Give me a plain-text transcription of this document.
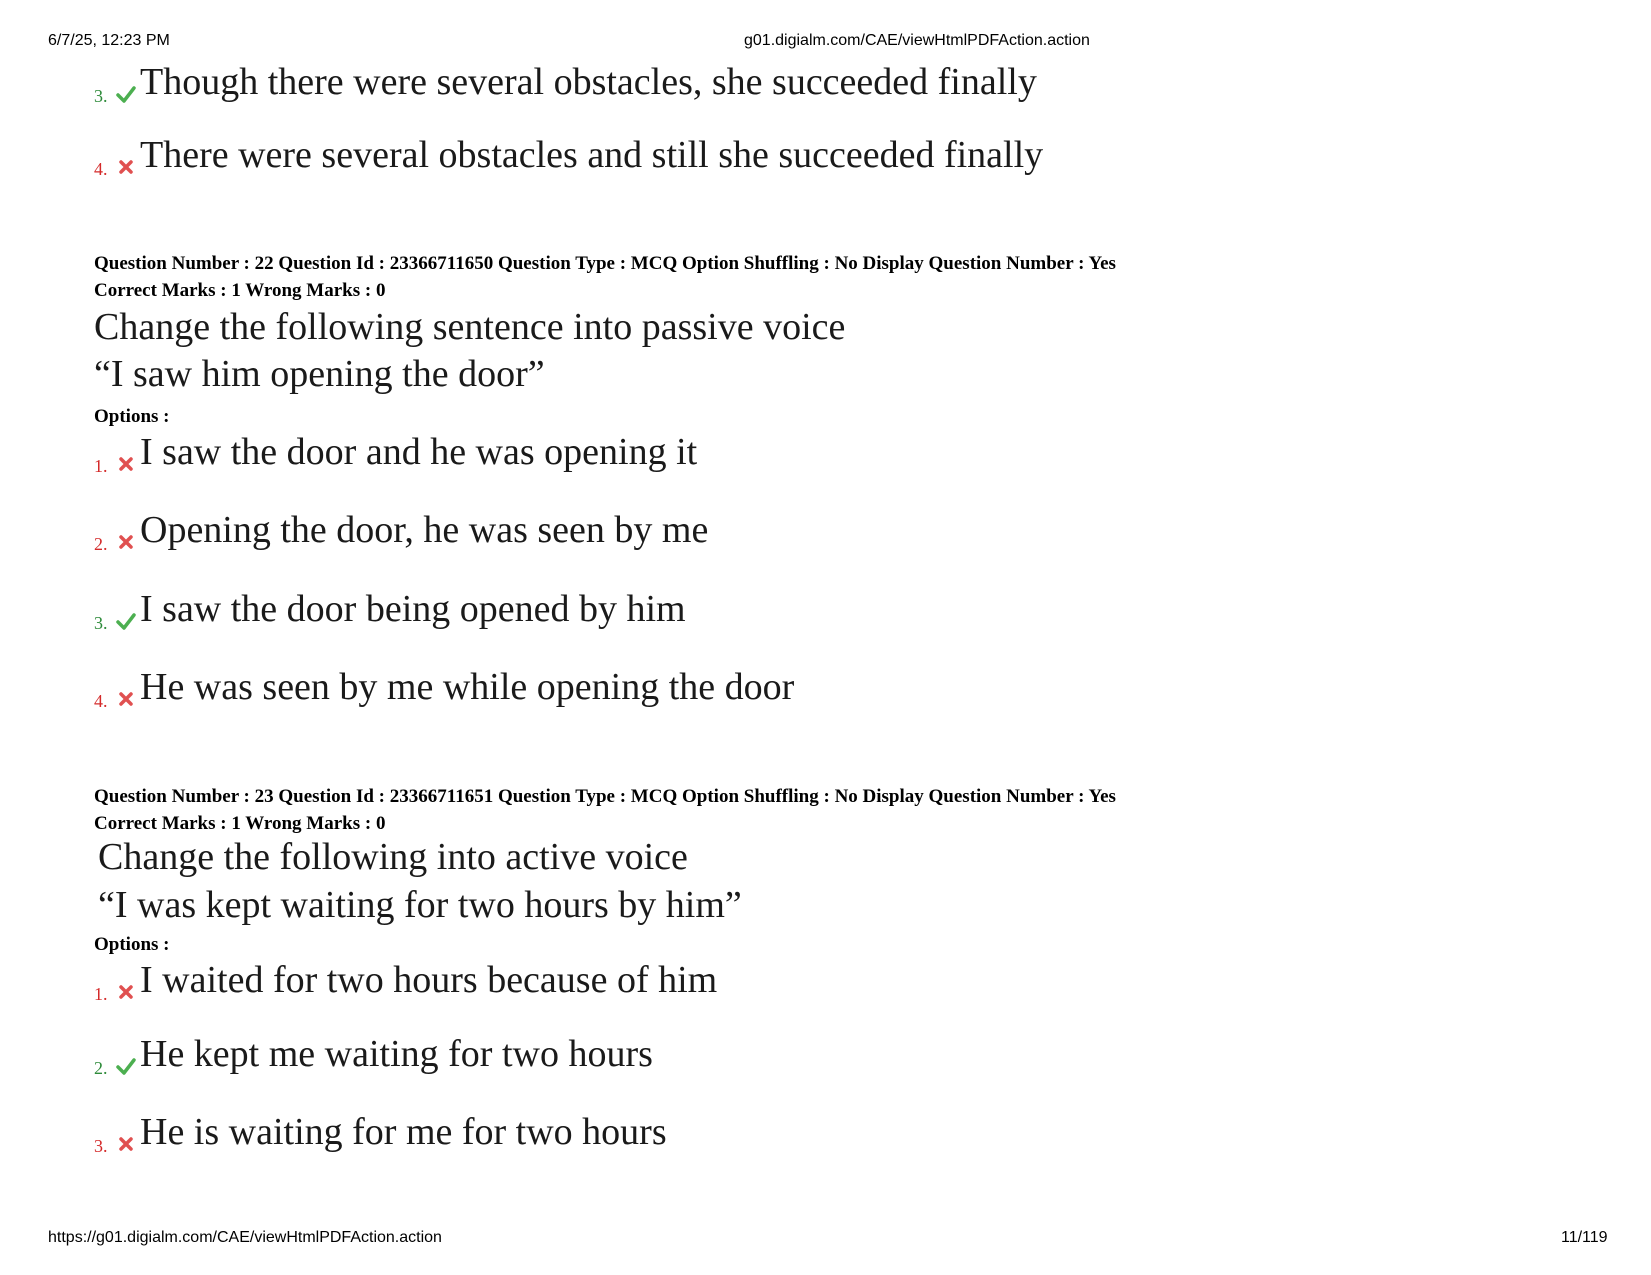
6/7/25, 12:23 PM	g01.digialm.com/CAE/viewHtmlPDFAction.action
3. Though there were several obstacles, she succeeded finally
4. There were several obstacles and still she succeeded finally
Question Number : 22 Question Id : 23366711650 Question Type : MCQ Option Shuffling : No Display Question Number : Yes
Correct Marks : 1 Wrong Marks : 0
Change the following sentence into passive voice
“I saw him opening the door”
Options :
1. I saw the door and he was opening it
2. Opening the door, he was seen by me
3. I saw the door being opened by him
4. He was seen by me while opening the door
Question Number : 23 Question Id : 23366711651 Question Type : MCQ Option Shuffling : No Display Question Number : Yes
Correct Marks : 1 Wrong Marks : 0
Change the following into active voice
“I was kept waiting for two hours by him”
Options :
1. I waited for two hours because of him
2. He kept me waiting for two hours
3. He is waiting for me for two hours
https://g01.digialm.com/CAE/viewHtmlPDFAction.action	11/119
